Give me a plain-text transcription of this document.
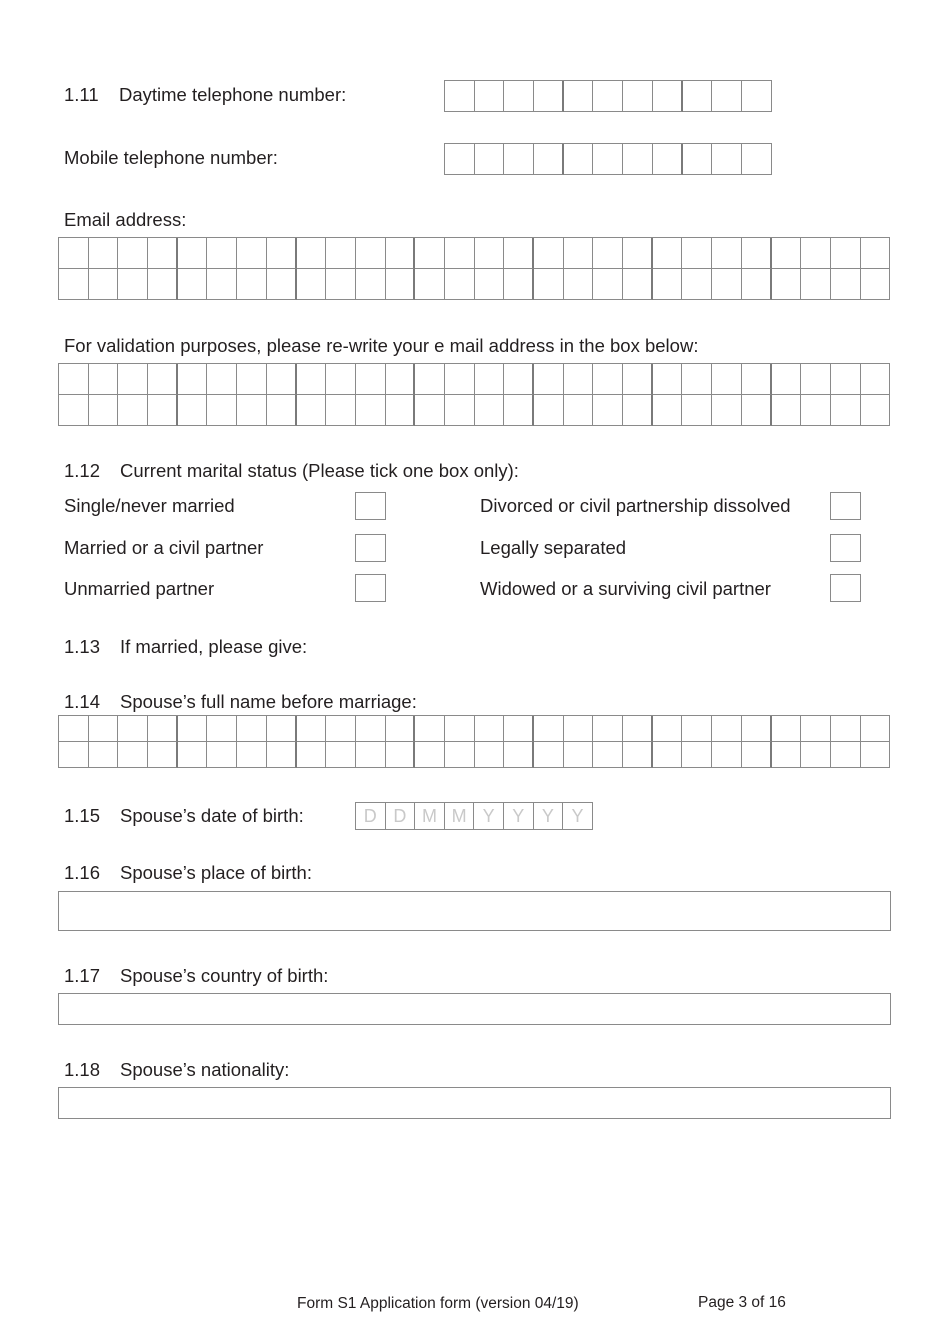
1.11 Daytime telephone number:
Mobile telephone number:
Email address:
For validation purposes, please re-write your e mail address in the box below:
1.12 Current marital status (Please tick one box only):
Single/never married
Married or a civil partner
Unmarried partner
Divorced or civil partnership dissolved
Legally separated
Widowed or a surviving civil partner
1.13 If married, please give:
1.14 Spouse’s full name before marriage:
1.15 Spouse’s date of birth:	D D M M Y Y Y Y
1.16 Spouse’s place of birth:
1.17 Spouse’s country of birth:
1.18 Spouse’s nationality:
Form S1 Application form (version 04/19)	Page 3 of 16
